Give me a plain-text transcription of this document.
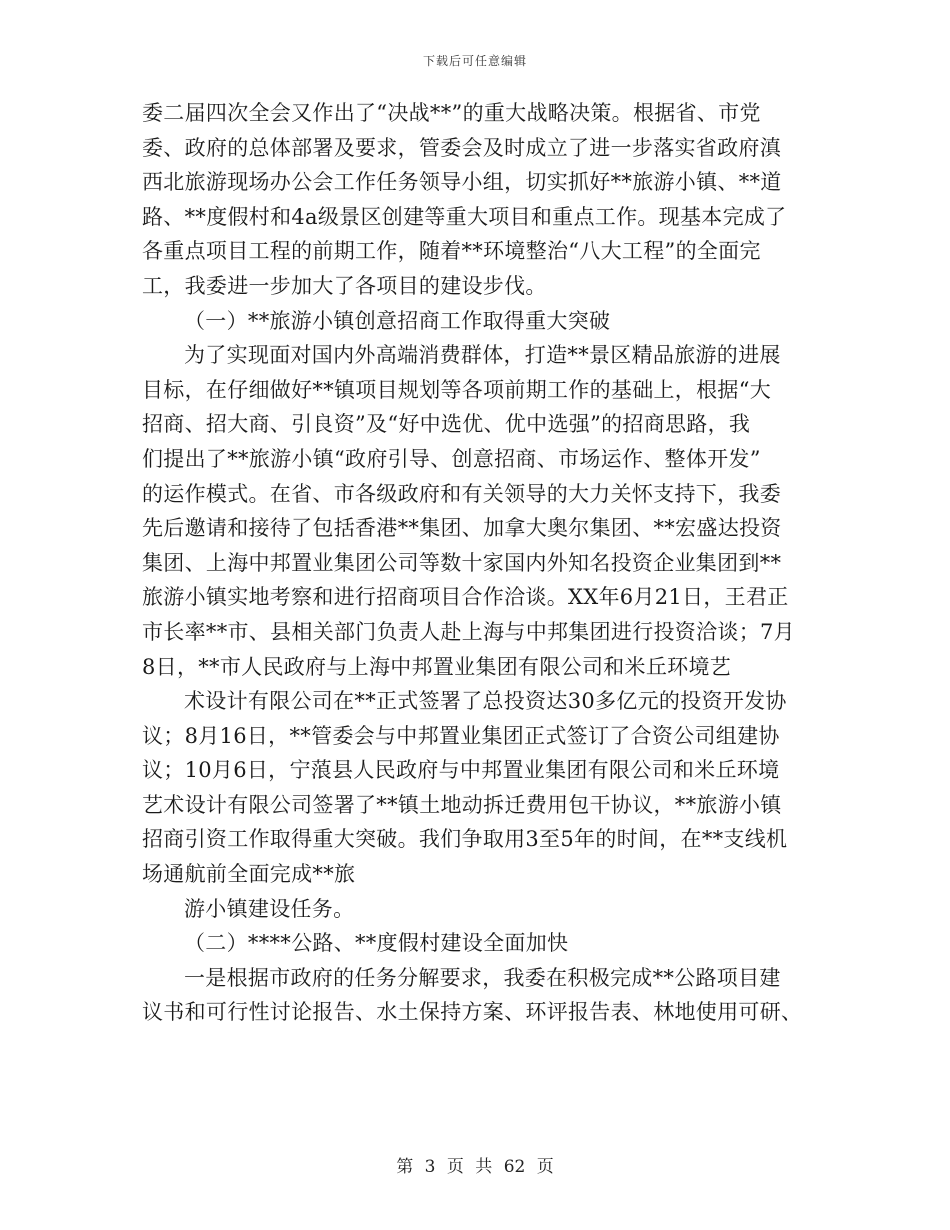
下载后可任意编辑
委二届四次全会又作出了“决战**”的重大战略决策。根据省、市党
委、政府的总体部署及要求，管委会及时成立了进一步落实省政府滇
西北旅游现场办公会工作任务领导小组，切实抓好**旅游小镇、**道
路、**度假村和4a级景区创建等重大项目和重点工作。现基本完成了
各重点项目工程的前期工作，随着**环境整治“八大工程”的全面完
工，我委进一步加大了各项目的建设步伐。
（一）**旅游小镇创意招商工作取得重大突破
为了实现面对国内外高端消费群体，打造**景区精品旅游的进展
目标，在仔细做好**镇项目规划等各项前期工作的基础上，根据“大
招商、招大商、引良资”及“好中选优、优中选强”的招商思路，我
们提出了**旅游小镇“政府引导、创意招商、市场运作、整体开发”
的运作模式。在省、市各级政府和有关领导的大力关怀支持下，我委
先后邀请和接待了包括香港**集团、加拿大奥尔集团、**宏盛达投资
集团、上海中邦置业集团公司等数十家国内外知名投资企业集团到**
旅游小镇实地考察和进行招商项目合作洽谈。XX年6月21日，王君正
市长率**市、县相关部门负责人赴上海与中邦集团进行投资洽谈；7月
8日，**市人民政府与上海中邦置业集团有限公司和米丘环境艺
术设计有限公司在**正式签署了总投资达30多亿元的投资开发协
议；8月16日，**管委会与中邦置业集团正式签订了合资公司组建协
议；10月6日，宁蒗县人民政府与中邦置业集团有限公司和米丘环境
艺术设计有限公司签署了**镇土地动拆迁费用包干协议，**旅游小镇
招商引资工作取得重大突破。我们争取用3至5年的时间，在**支线机
场通航前全面完成**旅
游小镇建设任务。
（二）****公路、**度假村建设全面加快
一是根据市政府的任务分解要求，我委在积极完成**公路项目建
议书和可行性讨论报告、水土保持方案、环评报告表、林地使用可研、
第 3 页 共 62 页
